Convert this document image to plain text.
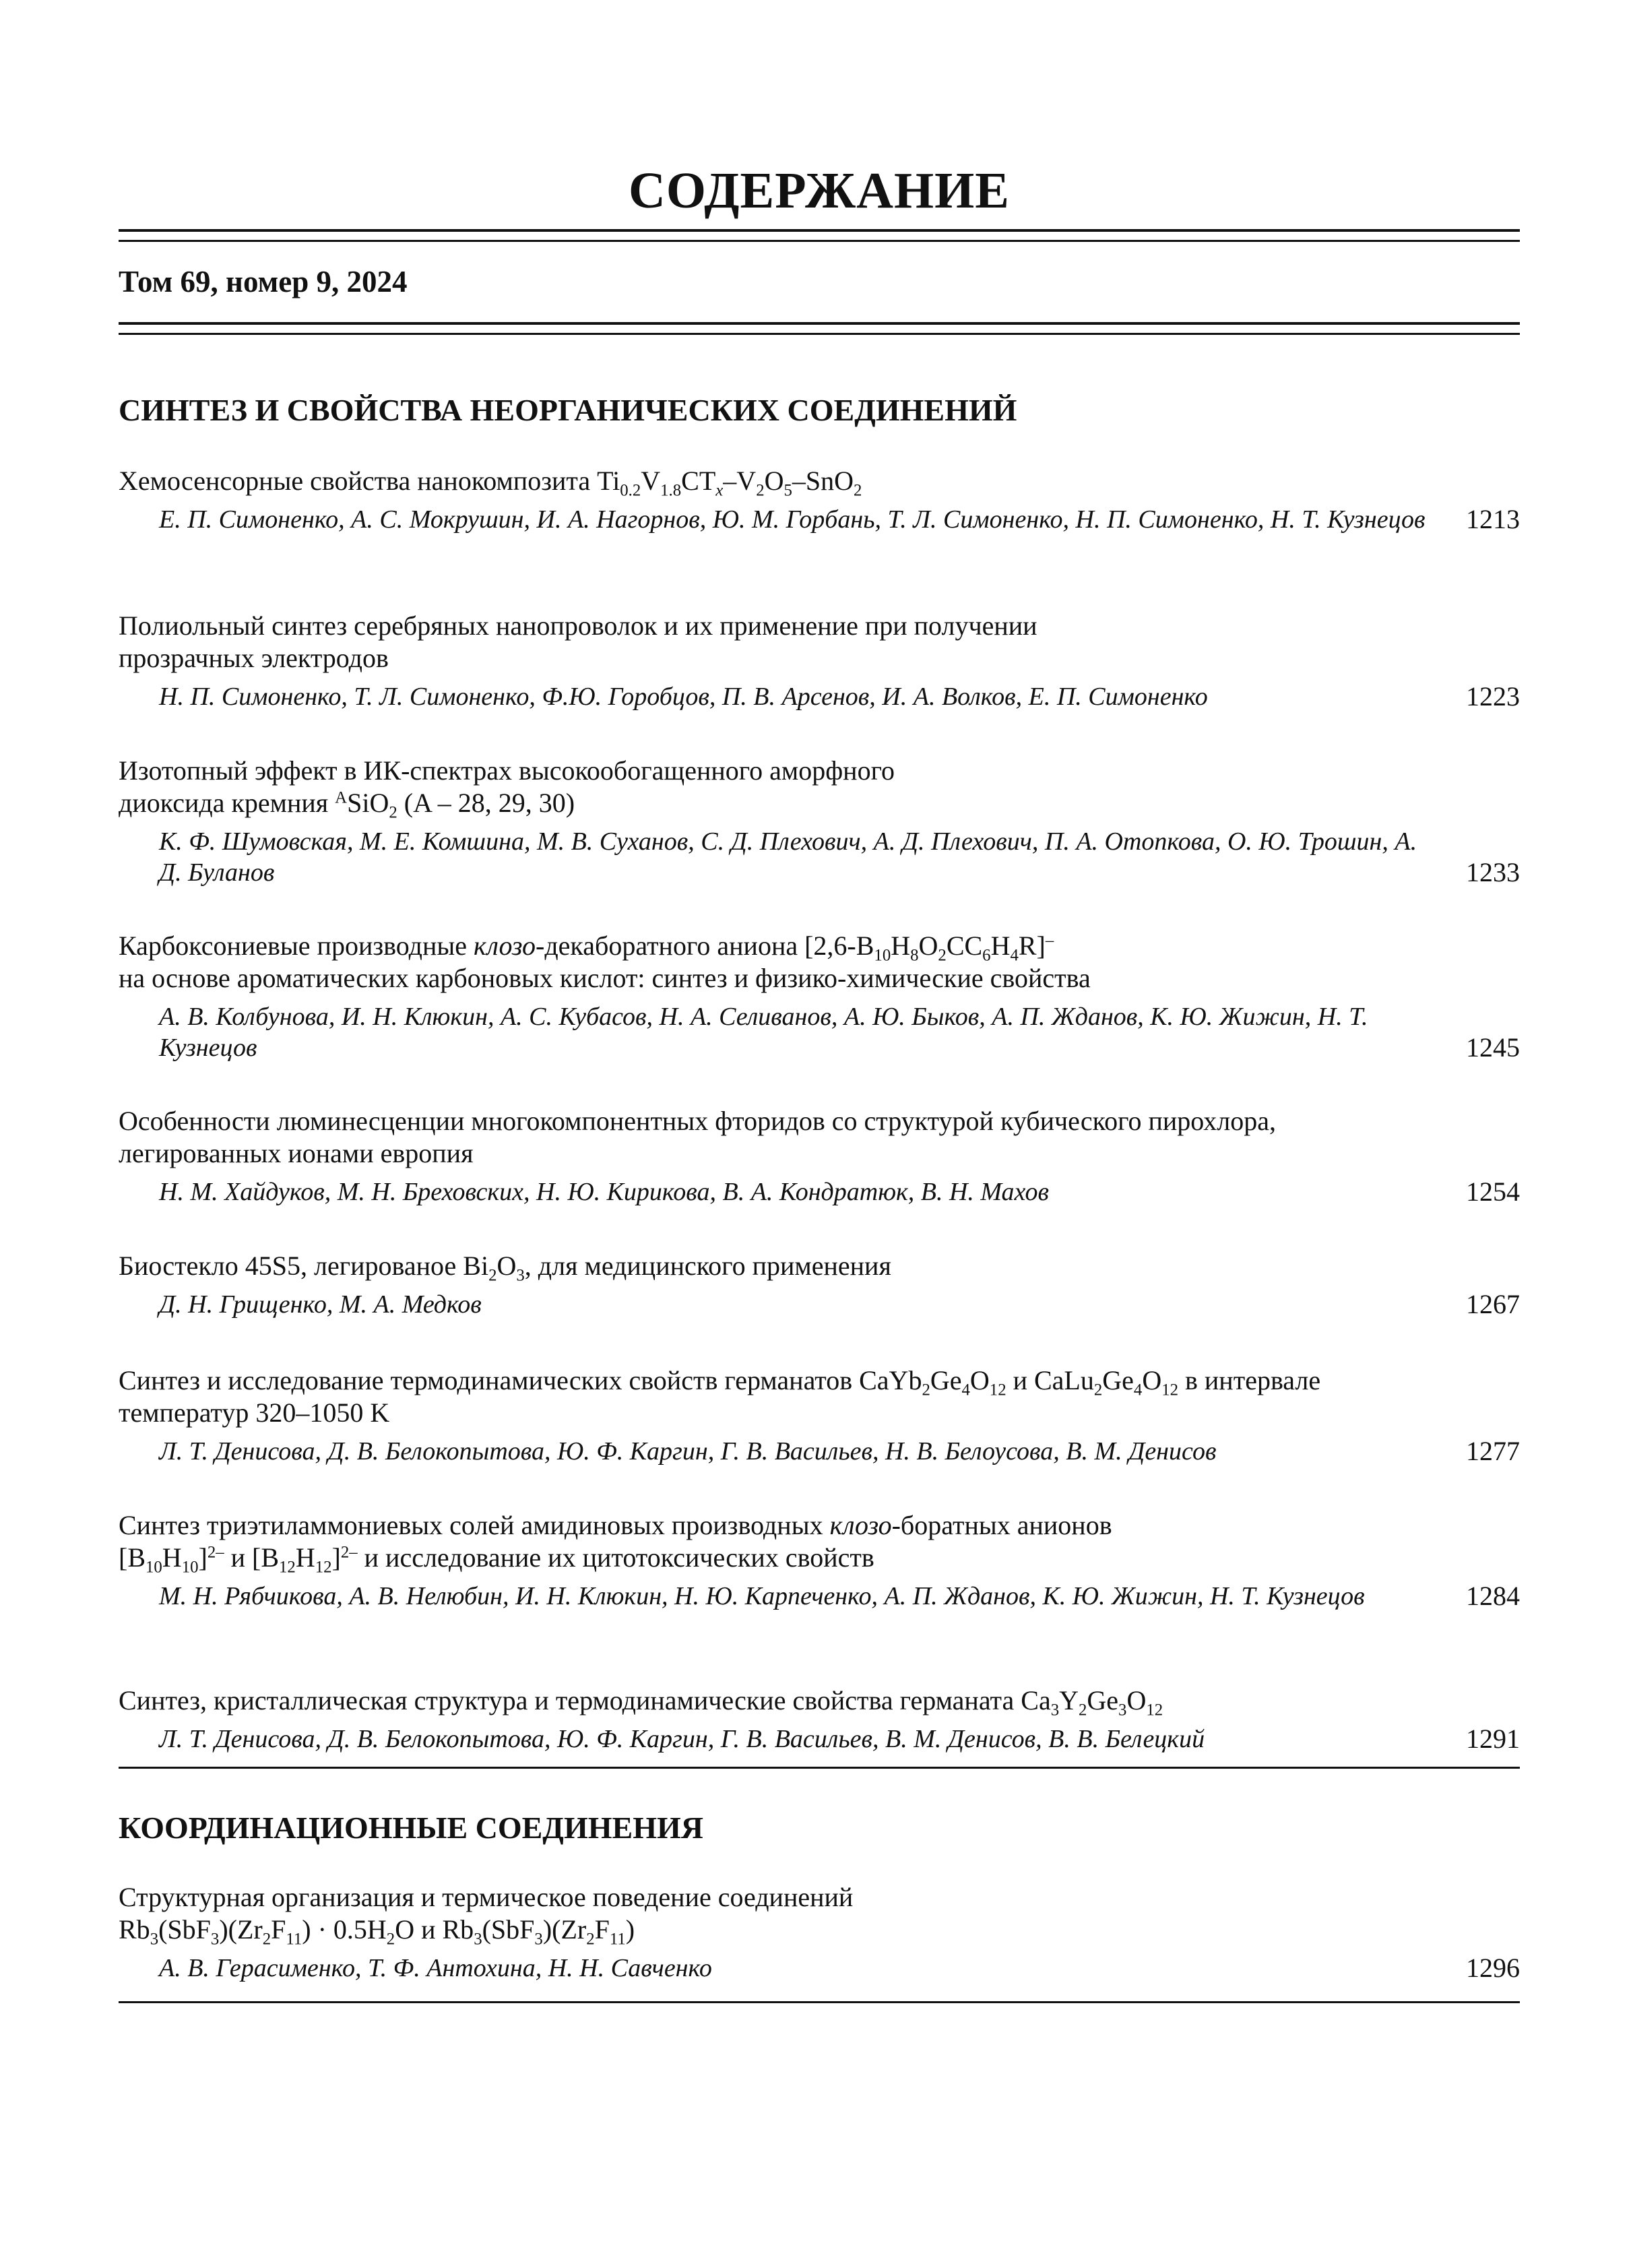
СОДЕРЖАНИЕ
Том 69, номер 9, 2024
СИНТЕЗ И СВОЙСТВА НЕОРГАНИЧЕСКИХ СОЕДИНЕНИЙ
Хемосенсорные свойства нанокомпозита $Ti_{0.2}V_{1.8}CT_x-V_2O_5-SnO_2$
Е. П. Симоненко, А. С. Мокрушин, И. А. Нагорнов, Ю. М. Горбань, Т. Л. Симоненко, Н. П. Симоненко, Н. Т. Кузнецов	1213
Полиольный синтез серебряных нанопроволок и их применение при получении
прозрачных электродов
Н. П. Симоненко, Т. Л. Симоненко, Ф.Ю. Горобцов, П. В. Арсенов, И. А. Волков, Е. П. Симоненко	1223
Изотопный эффект в ИК-спектрах высокообогащенного аморфного
диоксида кремния $^A$SiO$_2$ (A – 28, 29, 30)
К. Ф. Шумовская, М. Е. Комшина, М. В. Суханов, С. Д. Плехович, А. Д. Плехович, П. А. Отопкова, О. Ю. Трошин, А. Д. Буланов	1233
Карбоксониевые производные клозо-декаборатного аниона $[2,6-B_{10}H_8O_2CC_6H_4R]^-$
на основе ароматических карбоновых кислот: синтез и физико-химические свойства
А. В. Колбунова, И. Н. Клюкин, А. С. Кубасов, Н. А. Селиванов, А. Ю. Быков, А. П. Жданов, К. Ю. Жижин, Н. Т. Кузнецов	1245
Особенности люминесценции многокомпонентных фторидов со структурой кубического пирохлора,
легированных ионами европия
Н. М. Хайдуков, М. Н. Бреховских, Н. Ю. Кирикова, В. А. Кондратюк, В. Н. Махов	1254
Биостекло 45S5, легированое $Bi_2O_3$, для медицинского применения
Д. Н. Грищенко, М. А. Медков	1267
Синтез и исследование термодинамических свойств германатов $CaYb_2Ge_4O_{12}$ и $CaLu_2Ge_4O_{12}$ в интервале
температур 320–1050 K
Л. Т. Денисова, Д. В. Белокопытова, Ю. Ф. Каргин, Г. В. Васильев, Н. В. Белоусова, В. М. Денисов	1277
Синтез триэтиламмониевых солей амидиновых производных клозо-боратных анионов
$[B_{10}H_{10}]^{2-}$ и $[B_{12}H_{12}]^{2-}$ и исследование их цитотоксических свойств
М. Н. Рябчикова, А. В. Нелюбин, И. Н. Клюкин, Н. Ю. Карпеченко, А. П. Жданов, К. Ю. Жижин, Н. Т. Кузнецов	1284
Синтез, кристаллическая структура и термодинамические свойства германата $Ca_3Y_2Ge_3O_{12}$
Л. Т. Денисова, Д. В. Белокопытова, Ю. Ф. Каргин, Г. В. Васильев, В. М. Денисов, В. В. Белецкий	1291
КООРДИНАЦИОННЫЕ СОЕДИНЕНИЯ
Структурная организация и термическое поведение соединений
$Rb_3(SbF_3)(Zr_2F_{11}) \cdot 0.5H_2O$ и $Rb_3(SbF_3)(Zr_2F_{11})$
А. В. Герасименко, Т. Ф. Антохина, Н. Н. Савченко	1296
